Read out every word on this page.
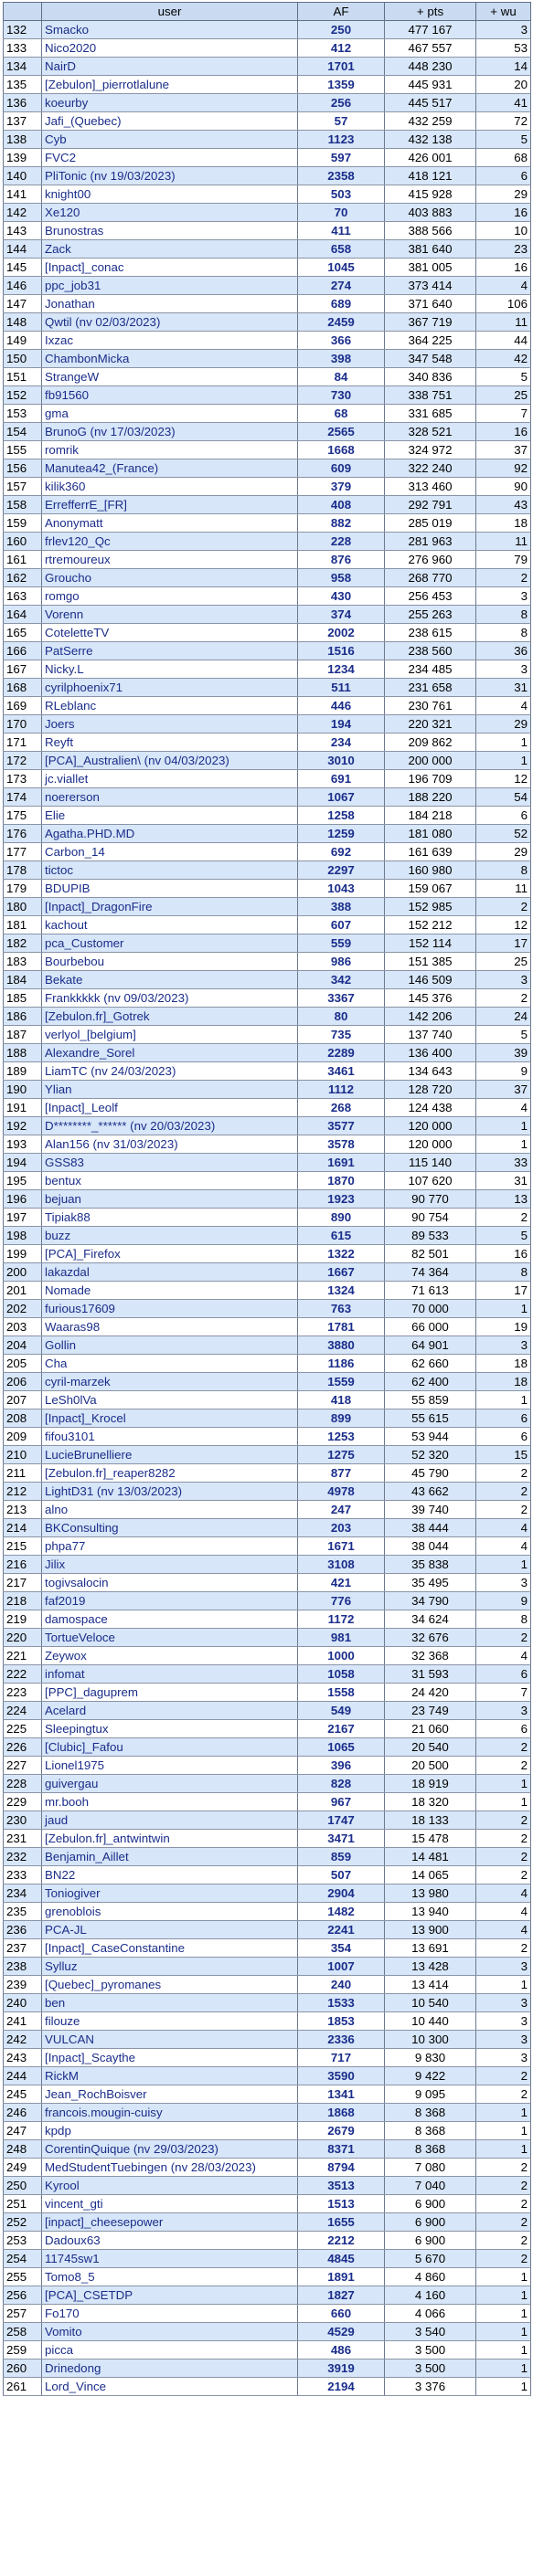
	user	AF	+ pts	+ wu
132	Smacko	250	477 167	3
133	Nico2020	412	467 557	53
134	NairD	1701	448 230	14
135	[Zebulon]_pierrotlalune	1359	445 931	20
136	koeurby	256	445 517	41
137	Jafi_(Quebec)	57	432 259	72
138	Cyb	1123	432 138	5
139	FVC2	597	426 001	68
140	PliTonic (nv 19/03/2023)	2358	418 121	6
141	knight00	503	415 928	29
142	Xe120	70	403 883	16
143	Brunostras	411	388 566	10
144	Zack	658	381 640	23
145	[Inpact]_conac	1045	381 005	16
146	ppc_job31	274	373 414	4
147	Jonathan	689	371 640	106
148	Qwtil (nv 02/03/2023)	2459	367 719	11
149	Ixzac	366	364 225	44
150	ChambonMicka	398	347 548	42
151	StrangeW	84	340 836	5
152	fb91560	730	338 751	25
153	gma	68	331 685	7
154	BrunoG (nv 17/03/2023)	2565	328 521	16
155	romrik	1668	324 972	37
156	Manutea42_(France)	609	322 240	92
157	kilik360	379	313 460	90
158	ErrefferrE_[FR]	408	292 791	43
159	Anonymatt	882	285 019	18
160	frlev120_Qc	228	281 963	11
161	rtremoureux	876	276 960	79
162	Groucho	958	268 770	2
163	romgo	430	256 453	3
164	Vorenn	374	255 263	8
165	CoteletteTV	2002	238 615	8
166	PatSerre	1516	238 560	36
167	Nicky.L	1234	234 485	3
168	cyrilphoenix71	511	231 658	31
169	RLeblanc	446	230 761	4
170	Joers	194	220 321	29
171	Reyft	234	209 862	1
172	[PCA]_Australien\ (nv 04/03/2023)	3010	200 000	1
173	jc.viallet	691	196 709	12
174	noererson	1067	188 220	54
175	Elie	1258	184 218	6
176	Agatha.PHD.MD	1259	181 080	52
177	Carbon_14	692	161 639	29
178	tictoc	2297	160 980	8
179	BDUPIB	1043	159 067	11
180	[Inpact]_DragonFire	388	152 985	2
181	kachout	607	152 212	12
182	pca_Customer	559	152 114	17
183	Bourbebou	986	151 385	25
184	Bekate	342	146 509	3
185	Frankkkkk (nv 09/03/2023)	3367	145 376	2
186	[Zebulon.fr]_Gotrek	80	142 206	24
187	verlyol_[belgium]	735	137 740	5
188	Alexandre_Sorel	2289	136 400	39
189	LiamTC (nv 24/03/2023)	3461	134 643	9
190	Ylian	1112	128 720	37
191	[Inpact]_Leolf	268	124 438	4
192	D********_****** (nv 20/03/2023)	3577	120 000	1
193	Alan156 (nv 31/03/2023)	3578	120 000	1
194	GSS83	1691	115 140	33
195	bentux	1870	107 620	31
196	bejuan	1923	90 770	13
197	Tipiak88	890	90 754	2
198	buzz	615	89 533	5
199	[PCA]_Firefox	1322	82 501	16
200	lakazdal	1667	74 364	8
201	Nomade	1324	71 613	17
202	furious17609	763	70 000	1
203	Waaras98	1781	66 000	19
204	Gollin	3880	64 901	3
205	Cha	1186	62 660	18
206	cyril-marzek	1559	62 400	18
207	LeSh0lVa	418	55 859	1
208	[Inpact]_Krocel	899	55 615	6
209	fifou3101	1253	53 944	6
210	LucieBrunelliere	1275	52 320	15
211	[Zebulon.fr]_reaper8282	877	45 790	2
212	LightD31 (nv 13/03/2023)	4978	43 662	2
213	alno	247	39 740	2
214	BKConsulting	203	38 444	4
215	phpa77	1671	38 044	4
216	Jilix	3108	35 838	1
217	togivsalocin	421	35 495	3
218	faf2019	776	34 790	9
219	damospace	1172	34 624	8
220	TortueVeloce	981	32 676	2
221	Zeywox	1000	32 368	4
222	infomat	1058	31 593	6
223	[PPC]_daguprem	1558	24 420	7
224	Acelard	549	23 749	3
225	Sleepingtux	2167	21 060	6
226	[Clubic]_Fafou	1065	20 540	2
227	Lionel1975	396	20 500	2
228	guivergau	828	18 919	1
229	mr.booh	967	18 320	1
230	jaud	1747	18 133	2
231	[Zebulon.fr]_antwintwin	3471	15 478	2
232	Benjamin_Aillet	859	14 481	2
233	BN22	507	14 065	2
234	Toniogiver	2904	13 980	4
235	grenoblois	1482	13 940	4
236	PCA-JL	2241	13 900	4
237	[Inpact]_CaseConstantine	354	13 691	2
238	Sylluz	1007	13 428	3
239	[Quebec]_pyromanes	240	13 414	1
240	ben	1533	10 540	3
241	filouze	1853	10 440	3
242	VULCAN	2336	10 300	3
243	[Inpact]_Scaythe	717	9 830	3
244	RickM	3590	9 422	2
245	Jean_RochBoisver	1341	9 095	2
246	francois.mougin-cuisy	1868	8 368	1
247	kpdp	2679	8 368	1
248	CorentinQuique (nv 29/03/2023)	8371	8 368	1
249	MedStudentTuebingen (nv 28/03/2023)	8794	7 080	2
250	Kyrool	3513	7 040	2
251	vincent_gti	1513	6 900	2
252	[inpact]_cheesepower	1655	6 900	2
253	Dadoux63	2212	6 900	2
254	11745sw1	4845	5 670	2
255	Tomo8_5	1891	4 860	1
256	[PCA]_CSETDP	1827	4 160	1
257	Fo170	660	4 066	1
258	Vomito	4529	3 540	1
259	picca	486	3 500	1
260	Drinedong	3919	3 500	1
261	Lord_Vince	2194	3 376	1
